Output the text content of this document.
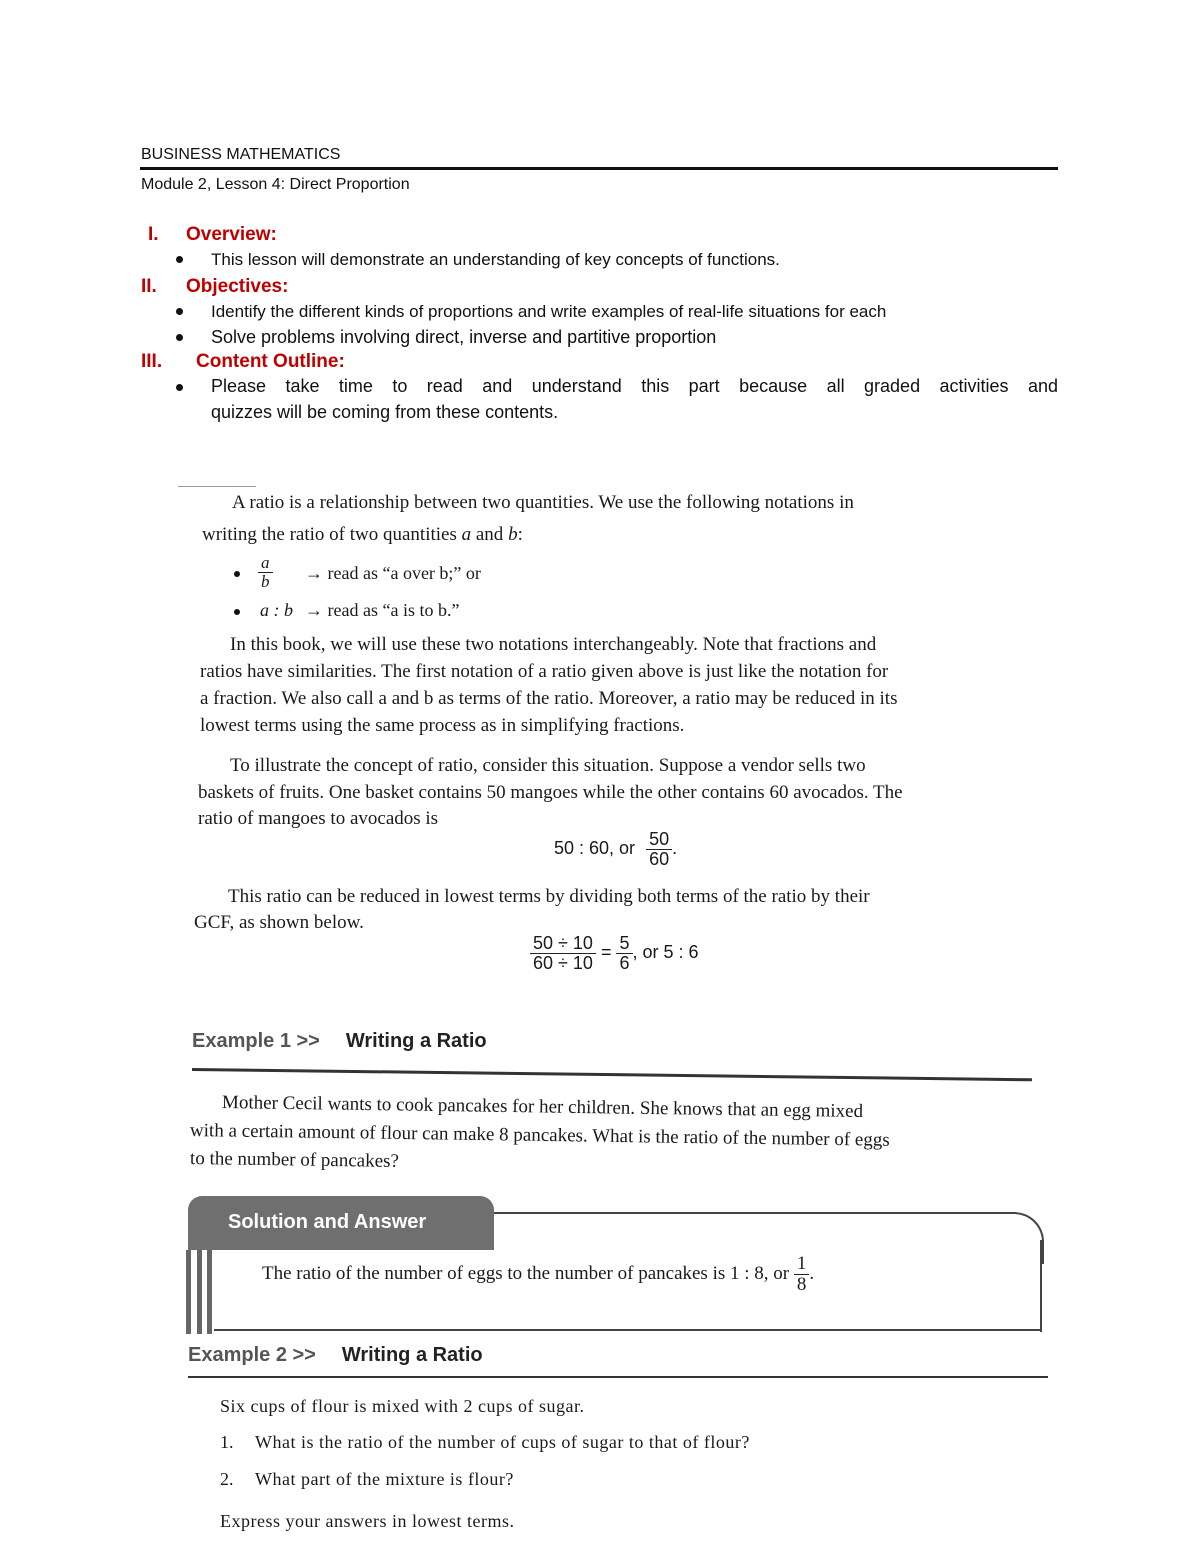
BUSINESS MATHEMATICS
Module 2, Lesson 4: Direct Proportion
I. Overview:
This lesson will demonstrate an understanding of key concepts of functions.
II. Objectives:
Identify the different kinds of proportions and write examples of real-life situations for each
Solve problems involving direct, inverse and partitive proportion
III. Content Outline:
Please take time to read and understand this part because all graded activities and
quizzes will be coming from these contents.
A ratio is a relationship between two quantities. We use the following notations in
writing the ratio of two quantities a and b:
$\frac{a}{b}$ → read as “a over b;” or
a : b → read as “a is to b.”
In this book, we will use these two notations interchangeably. Note that fractions and
ratios have similarities. The first notation of a ratio given above is just like the notation for
a fraction. We also call a and b as terms of the ratio. Moreover, a ratio may be reduced in its
lowest terms using the same process as in simplifying fractions.
To illustrate the concept of ratio, consider this situation. Suppose a vendor sells two
baskets of fruits. One basket contains 50 mangoes while the other contains 60 avocados. The
ratio of mangoes to avocados is
50 : 60, or $\frac{50}{60}$ .
This ratio can be reduced in lowest terms by dividing both terms of the ratio by their
GCF, as shown below.
$\frac{50 \div 10}{60 \div 10} = \frac{5}{6}$ , or 5 : 6
Example 1 >> Writing a Ratio
Mother Cecil wants to cook pancakes for her children. She knows that an egg mixed
with a certain amount of flour can make 8 pancakes. What is the ratio of the number of eggs
to the number of pancakes?
Solution and Answer
The ratio of the number of eggs to the number of pancakes is 1 : 8, or $\frac{1}{8}$ .
Example 2 >> Writing a Ratio
Six cups of flour is mixed with 2 cups of sugar.
1. What is the ratio of the number of cups of sugar to that of flour?
2. What part of the mixture is flour?
Express your answers in lowest terms.
